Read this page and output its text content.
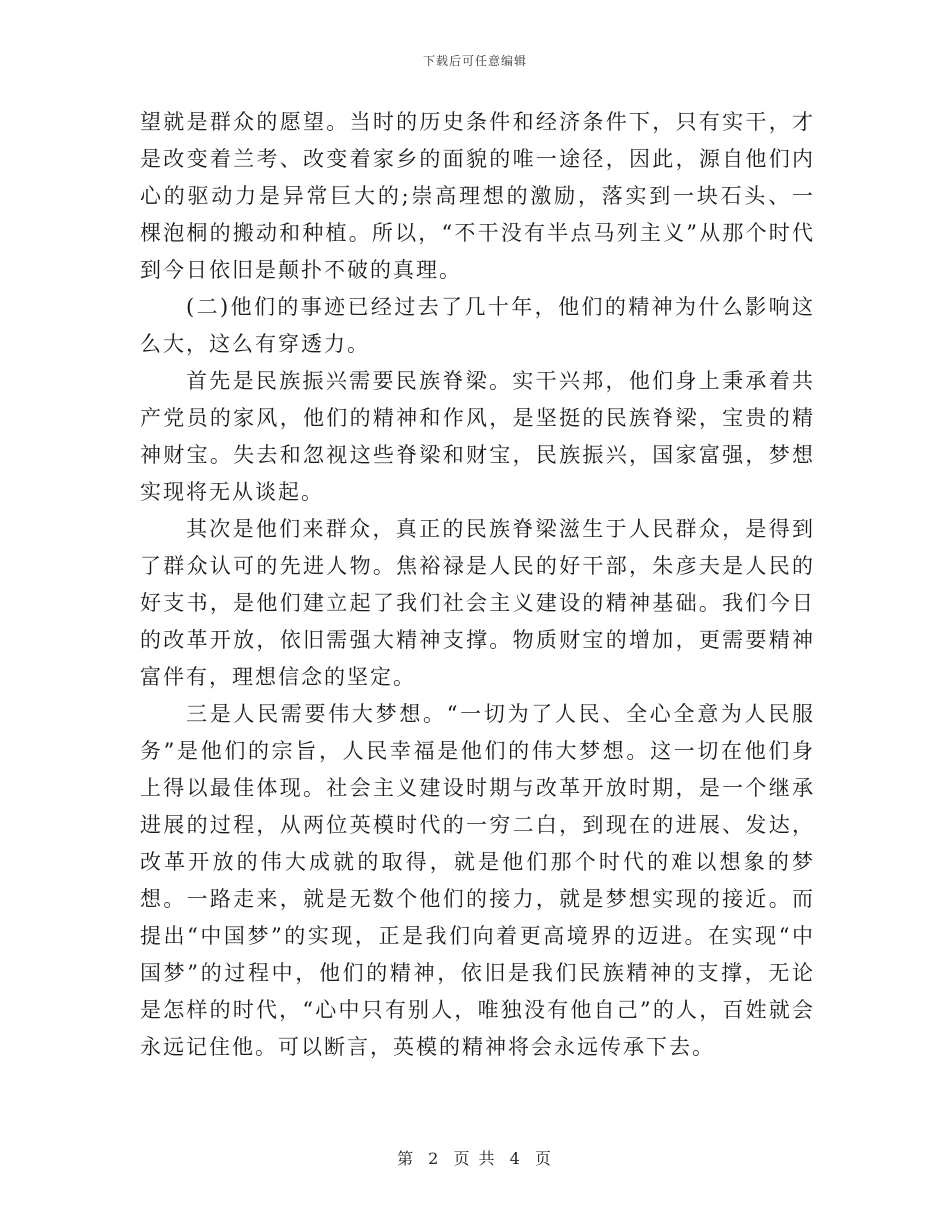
下载后可任意编辑

望就是群众的愿望。当时的历史条件和经济条件下，只有实干，才是改变着兰考、改变着家乡的面貌的唯一途径，因此，源自他们内心的驱动力是异常巨大的;崇高理想的激励，落实到一块石头、一棵泡桐的搬动和种植。所以，“不干没有半点马列主义”从那个时代到今日依旧是颠扑不破的真理。

(二)他们的事迹已经过去了几十年，他们的精神为什么影响这么大，这么有穿透力。

首先是民族振兴需要民族脊梁。实干兴邦，他们身上秉承着共产党员的家风，他们的精神和作风，是坚挺的民族脊梁，宝贵的精神财宝。失去和忽视这些脊梁和财宝，民族振兴，国家富强，梦想实现将无从谈起。

其次是他们来群众，真正的民族脊梁滋生于人民群众，是得到了群众认可的先进人物。焦裕禄是人民的好干部，朱彦夫是人民的好支书，是他们建立起了我们社会主义建设的精神基础。我们今日的改革开放，依旧需强大精神支撑。物质财宝的增加，更需要精神富伴有，理想信念的坚定。

三是人民需要伟大梦想。“一切为了人民、全心全意为人民服务”是他们的宗旨，人民幸福是他们的伟大梦想。这一切在他们身上得以最佳体现。社会主义建设时期与改革开放时期，是一个继承进展的过程，从两位英模时代的一穷二白，到现在的进展、发达，改革开放的伟大成就的取得，就是他们那个时代的难以想象的梦想。一路走来，就是无数个他们的接力，就是梦想实现的接近。而提出“中国梦”的实现，正是我们向着更高境界的迈进。在实现“中国梦”的过程中，他们的精神，依旧是我们民族精神的支撑，无论是怎样的时代，“心中只有别人，唯独没有他自己”的人，百姓就会永远记住他。可以断言，英模的精神将会永远传承下去。

第 2 页 共 4 页
